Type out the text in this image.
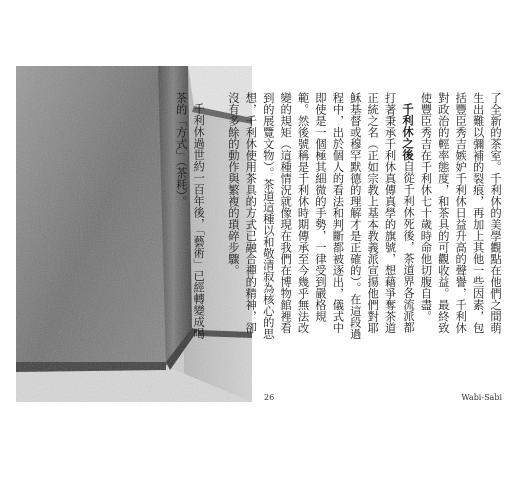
了全新的茶室。千利休的美學觀點在他們之間萌生出難以彌補的裂痕，再加上其他一些因素，包括豐臣秀吉嫉妒千利休日益升高的聲譽，千利休對政治的輕率態度，和茶具的可觀收益。最終致使豐臣秀吉在千利休七十歲時命他切腹自盡。

千利休之後自從千利休死後，茶道界各流派都打著秉承千利休真傳真學的旗號，想藉爭奪茶道正統之名（正如宗教上基本教義派宣揚他們對耶穌基督或穆罕默德的理解才是正確的）。在這段過程中，出於個人的看法和判斷都被逐出，儀式中即使是一個極其細微的手勢，一律受到嚴格規範。然後號稱是千利休時期傳承至今幾乎無法改變的規矩（這種情況就像現在我們在博物館裡看到的展覽文物）。茶道這種以和敬清寂為核心的思想，千利休使用茶具的方式已融合禪的精神，卻沒有多餘的動作與繁複的瑣碎步驟。

千利休過世約一百年後，「藝術」已經轉變成喝茶的「方式」（茶耗）。

26	Wabi-Sabi
